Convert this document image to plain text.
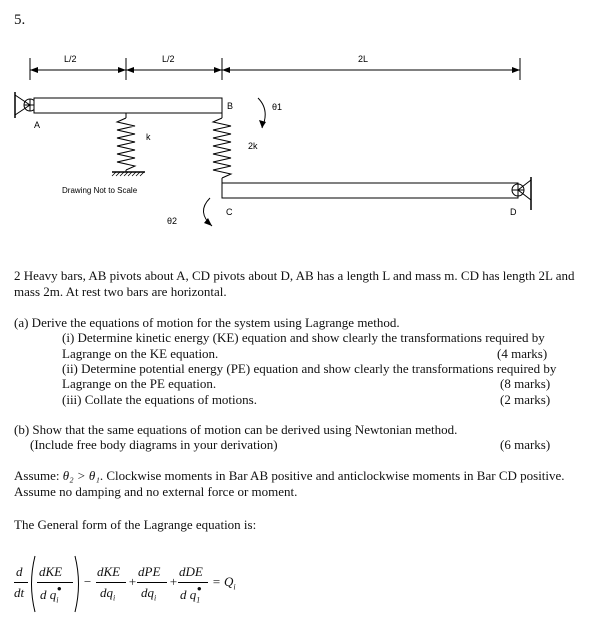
5.
L/2	L/2	2L
A
B	θ1
k
2k
C	D
θ2
Drawing Not to Scale
2 Heavy bars, AB pivots about A, CD pivots about D, AB has a length L and mass m. CD has length 2L and
mass 2m. At rest two bars are horizontal.
(a) Derive the equations of motion for the system using Lagrange method.
(i) Determine kinetic energy (KE) equation and show clearly the transformations required by
Lagrange on the KE equation.	(4 marks)
(ii) Determine potential energy (PE) equation and show clearly the transformations required by
Lagrange on the PE equation.	(8 marks)
(iii) Collate the equations of motions.	(2 marks)
(b) Show that the same equations of motion can be derived using Newtonian method.
(Include free body diagrams in your derivation)	(6 marks)
Assume: θ₂ > θ₁. Clockwise moments in Bar AB positive and anticlockwise moments in Bar CD positive.
Assume no damping and no external force or moment.
The General form of the Lagrange equation is:
d
dt
dKE
d $q_i$
• −
dKE
$dq_i$
+
dPE
$dq_i$
+
dDE
d $q_1$
• = $Q_i$
